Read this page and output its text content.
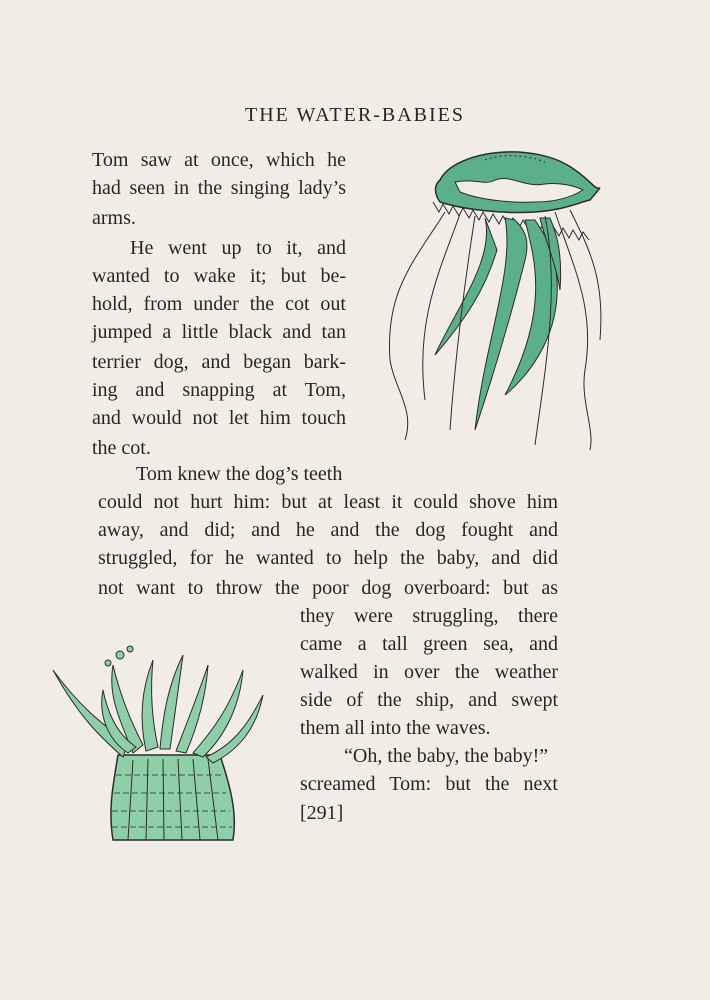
THE WATER-BABIES
Tom saw at once, which he
had seen in the singing lady’s
arms.
He went up to it, and
wanted to wake it; but be-
hold, from under the cot out
jumped a little black and tan
terrier dog, and began bark-
ing and snapping at Tom,
and would not let him touch
the cot.
Tom knew the dog’s teeth
could not hurt him: but at least it could shove him
away, and did; and he and the dog fought and
struggled, for he wanted to help the baby, and did
not want to throw the poor dog overboard: but as
they were struggling, there
came a tall green sea, and
walked in over the weather
side of the ship, and swept
them all into the waves.
“Oh, the baby, the baby!”
screamed Tom: but the next
[291]
